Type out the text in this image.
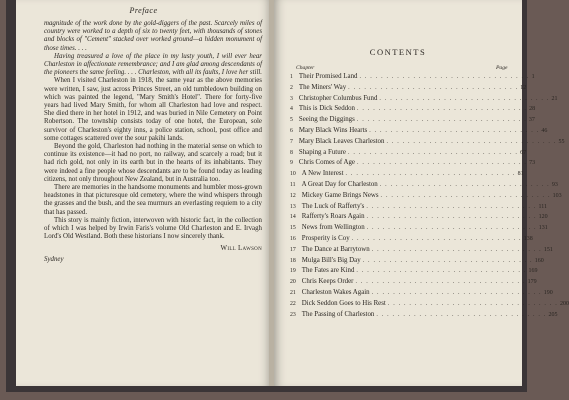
Preface

magnitude of the work done by the gold-diggers of the past. Scarcely miles of country were worked to a depth of six to twenty feet, with thousands of stones and blocks of "Cement" stacked over worked ground—a hidden monument of those times. . . .

Having treasured a love of the place in my lusty youth, I will ever hear Charleston in affectionate remembrance; and I am glad among descendants of the pioneers the same feeling. . . . Charleston, with all its faults, I love her still.

When I visited Charleston in 1918, the same year as the above memories were written, I saw, just across Princes Street, an old tumbledown building on which was painted the legend, "Mary Smith's Hotel". There for forty-five years had lived Mary Smith, for whom all Charleston had love and respect. She died there in her hotel in 1912, and was buried in Nile Cemetery on Point Robertson. The township consists today of one hotel, the European, sole survivor of Charleston's eighty inns, a police station, school, post office and some cottages scattered over the sour pakihi lands.

Beyond the gold, Charleston had nothing in the material sense on which to continue its existence—it had no port, no railway, and scarcely a road; but it had rich gold, not only in its earth but in the hearts of its inhabitants. They were indeed a fine people whose descendants are to be found today as leading citizens, not only throughout New Zealand, but in Australia too.

There are memories in the handsome monuments and humbler moss-grown headstones in that picturesque old cemetery, where the wind whispers through the grasses and the bush, and the sea murmurs an everlasting requiem to a city that has passed.

This story is mainly fiction, interwoven with historic fact, in the collection of which I was helped by Irwin Faris's volume Old Charleston and E. Irvagh Lord's Old Westland. Both these historians I now sincerely thank.

Will Lawson
Sydney
CONTENTS
Chapter	Page
1 Their Promised Land . . . . . . . . . . . . . . . . . . . . . . . . . . . . . . . . 1
2 The Miners' Way . . . . . . . . . . . . . . . . . . . . . . . . . . . . . . . . 12
3 Christopher Columbus Fund . . . . . . . . . . . . . . . . . . . . . . . . . . . . . . . . 21
4 This is Dick Seddon . . . . . . . . . . . . . . . . . . . . . . . . . . . . . . . . 28
5 Seeing the Diggings . . . . . . . . . . . . . . . . . . . . . . . . . . . . . . . . 37
6 Mary Black Wins Hearts . . . . . . . . . . . . . . . . . . . . . . . . . . . . . . . . 46
7 Mary Black Leaves Charleston . . . . . . . . . . . . . . . . . . . . . . . . . . . . . . . . 55
8 Shaping a Future . . . . . . . . . . . . . . . . . . . . . . . . . . . . . . . . 67
9 Chris Comes of Age . . . . . . . . . . . . . . . . . . . . . . . . . . . . . . . . 73
10 A New Interest . . . . . . . . . . . . . . . . . . . . . . . . . . . . . . . . 81
11 A Great Day for Charleston . . . . . . . . . . . . . . . . . . . . . . . . . . . . . . . . 93
12 Mickey Game Brings News . . . . . . . . . . . . . . . . . . . . . . . . . . . . . . . . 103
13 The Luck of Rafferty's . . . . . . . . . . . . . . . . . . . . . . . . . . . . . . . . 111
14 Rafferty's Roars Again . . . . . . . . . . . . . . . . . . . . . . . . . . . . . . . . 120
15 News from Wellington . . . . . . . . . . . . . . . . . . . . . . . . . . . . . . . . 131
16 Prosperity is Coy . . . . . . . . . . . . . . . . . . . . . . . . . . . . . . . . 138
17 The Dance at Barrytown . . . . . . . . . . . . . . . . . . . . . . . . . . . . . . . . 151
18 Mulga Bill's Big Day . . . . . . . . . . . . . . . . . . . . . . . . . . . . . . . . 160
19 The Fates are Kind . . . . . . . . . . . . . . . . . . . . . . . . . . . . . . . . 169
20 Chris Keeps Order . . . . . . . . . . . . . . . . . . . . . . . . . . . . . . . . 179
21 Charleston Wakes Again . . . . . . . . . . . . . . . . . . . . . . . . . . . . . . . . 190
22 Dick Seddon Goes to His Rest . . . . . . . . . . . . . . . . . . . . . . . . . . . . . . . . 200
23 The Passing of Charleston . . . . . . . . . . . . . . . . . . . . . . . . . . . . . . . . 205
